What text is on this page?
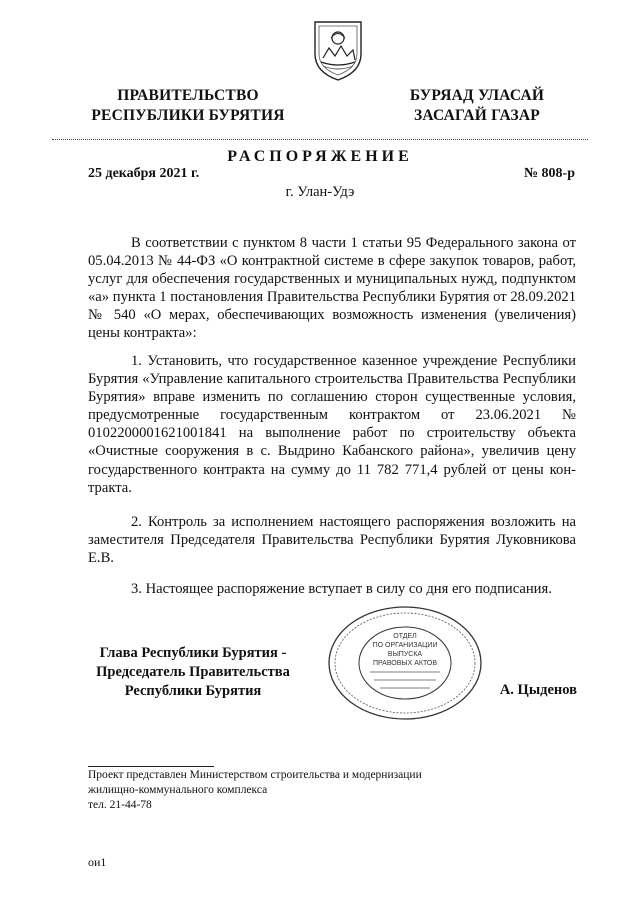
ПРАВИТЕЛЬСТВО
РЕСПУБЛИКИ БУРЯТИЯ
БУРЯАД УЛАСАЙ
ЗАСАГАЙ ГАЗАР
РАСПОРЯЖЕНИЕ
25 декабря 2021 г.	№ 808-р
г. Улан-Удэ
В соответствии с пунктом 8 части 1 статьи 95 Федерального закона от 05.04.2013 № 44-ФЗ «О контрактной системе в сфере закупок товаров, работ, услуг для обеспечения государственных и муниципальных нужд, подпунктом «а» пункта 1 постановления Правительства Республики Бурятия от 28.09.2021 № 540 «О мерах, обеспечивающих возможность изменения (увеличения) цены контракта»:
1. Установить, что государственное казенное учреждение Республики Бурятия «Управление капитального строительства Правительства Республики Бурятия» вправе изменить по соглашению сторон существенные условия, предусмотренные государственным контрактом от 23.06.2021 № 0102200001621001841 на выполнение работ по строительству объекта «Очистные сооружения в с. Выдрино Кабанского района», увеличив цену государственного контракта на сумму до 11 782 771,4 рублей от цены контракта.
2. Контроль за исполнением настоящего распоряжения возложить на заместителя Председателя Правительства Республики Бурятия Луковникова Е.В.
3. Настоящее распоряжение вступает в силу со дня его подписания.
ОТДЕЛ
ПО ОРГАНИЗАЦИИ
ВЫПУСКА
ПРАВОВЫХ АКТОВ
Глава Республики Бурятия -
Председатель Правительства
Республики Бурятия	А. Цыденов
Проект представлен Министерством строительства и модернизации
жилищно-коммунального комплекса
тел. 21-44-78
ои1
